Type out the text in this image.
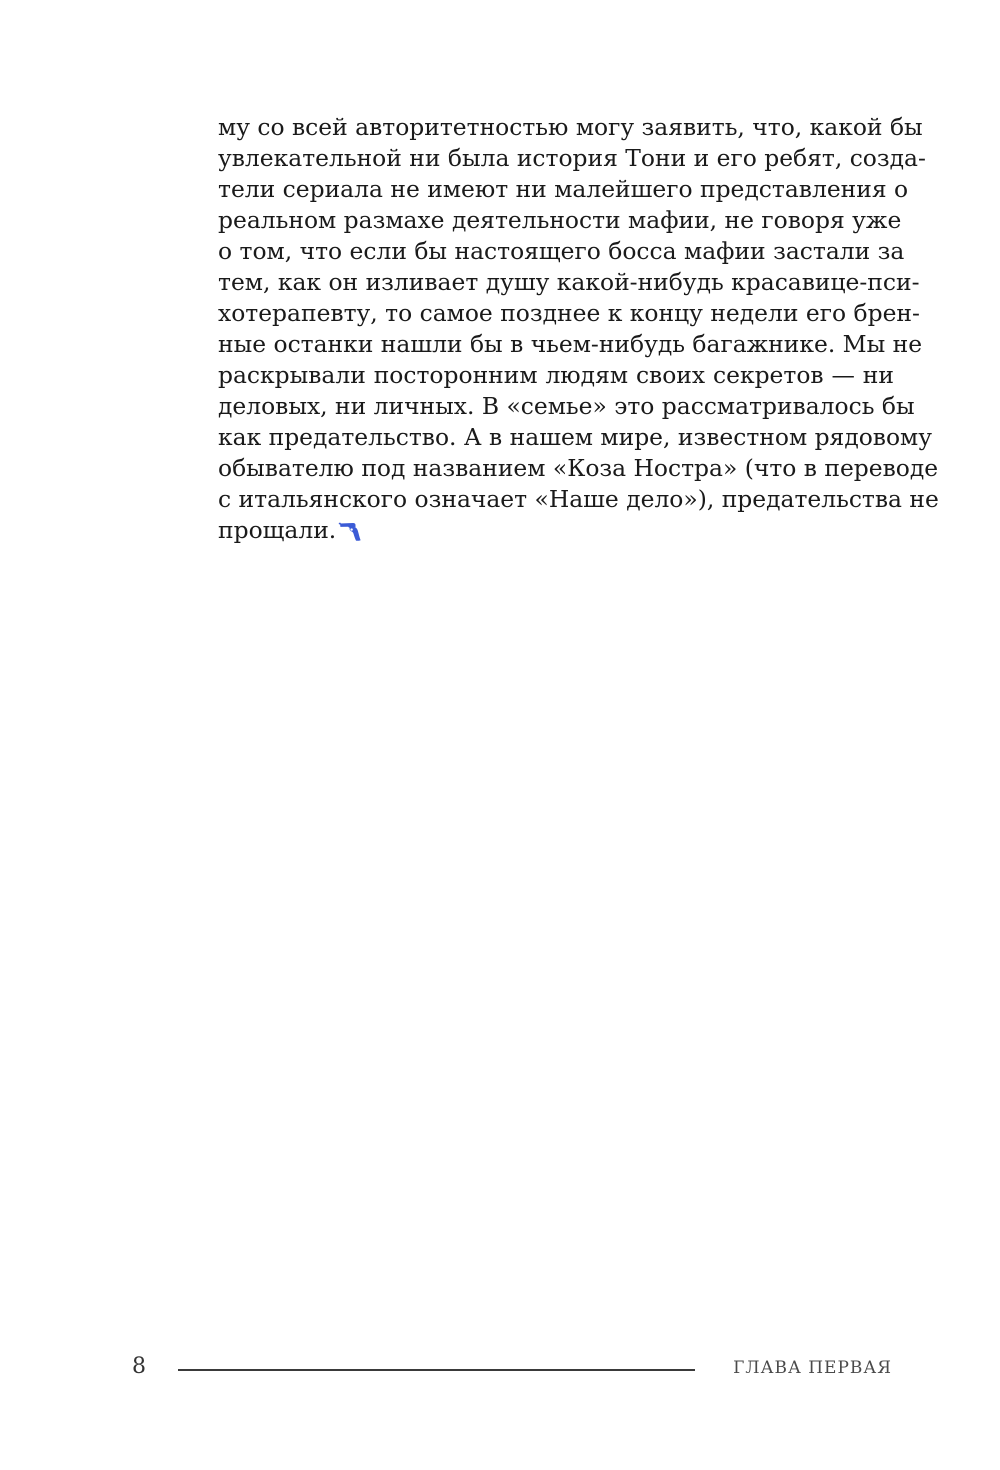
му со всей авторитетностью могу заявить, что, какой бы
увлекательной ни была история Тони и его ребят, созда-
тели сериала не имеют ни малейшего представления о
реальном размахе деятельности мафии, не говоря уже
о том, что если бы настоящего босса мафии застали за
тем, как он изливает душу какой-нибудь красавице-пси-
хотерапевту, то самое позднее к концу недели его брен-
ные останки нашли бы в чьем-нибудь багажнике. Мы не
раскрывали посторонним людям своих секретов — ни
деловых, ни личных. В «семье» это рассматривалось бы
как предательство. А в нашем мире, известном рядовому
обывателю под названием «Коза Ностра» (что в переводе
с итальянского означает «Наше дело»), предательства не
прощали.
8	ГЛАВА ПЕРВАЯ
